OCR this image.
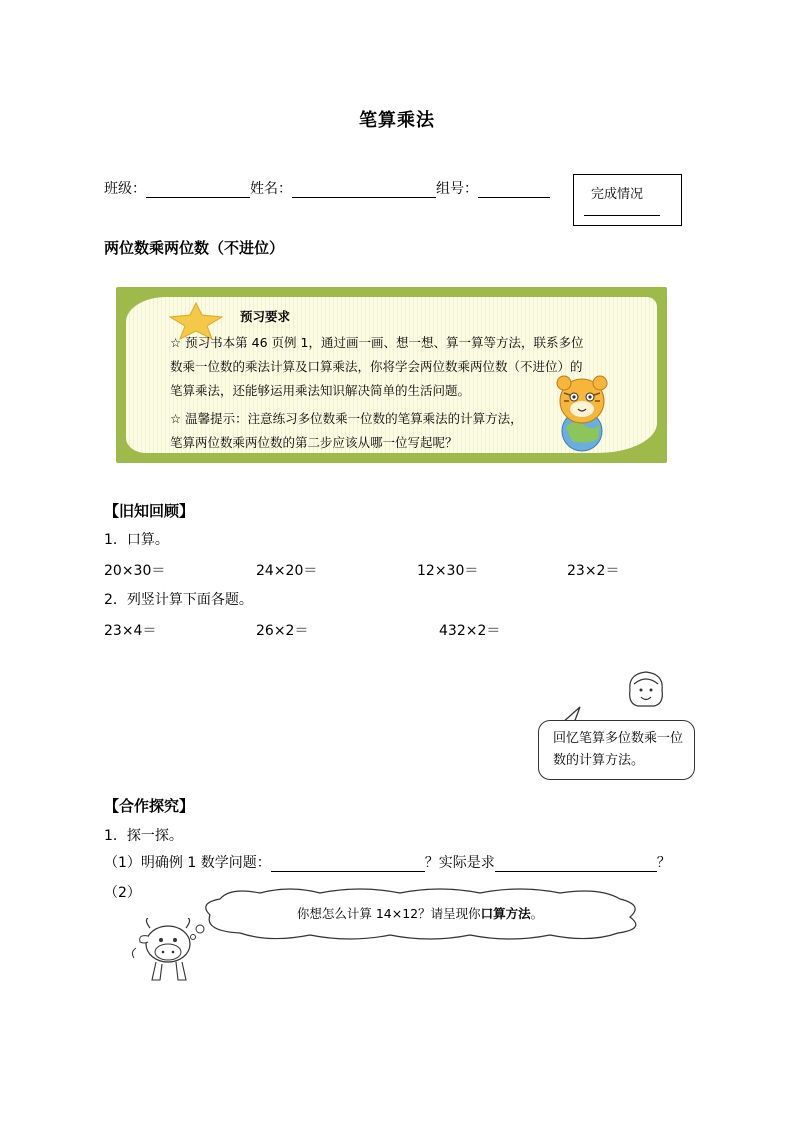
笔算乘法
班级：	姓名：	组号：	完成情况
两位数乘两位数（不进位）
预习要求
☆ 预习书本第 46 页例 1，通过画一画、想一想、算一算等方法，联系多位
数乘一位数的乘法计算及口算乘法，你将学会两位数乘两位数（不进位）的
笔算乘法，还能够运用乘法知识解决简单的生活问题。
☆ 温馨提示：注意练习多位数乘一位数的笔算乘法的计算方法，
笔算两位数乘两位数的第二步应该从哪一位写起呢？
【旧知回顾】
1．口算。
20×30＝	24×20＝	12×30＝	23×2＝
2．列竖计算下面各题。
23×4＝	26×2＝	432×2＝
回忆笔算多位数乘一位数的计算方法。
【合作探究】
1．探一探。
（1）明确例 1 数学问题：	？实际是求	？
（2）
你想怎么计算 14×12？请呈现你口算方法。
